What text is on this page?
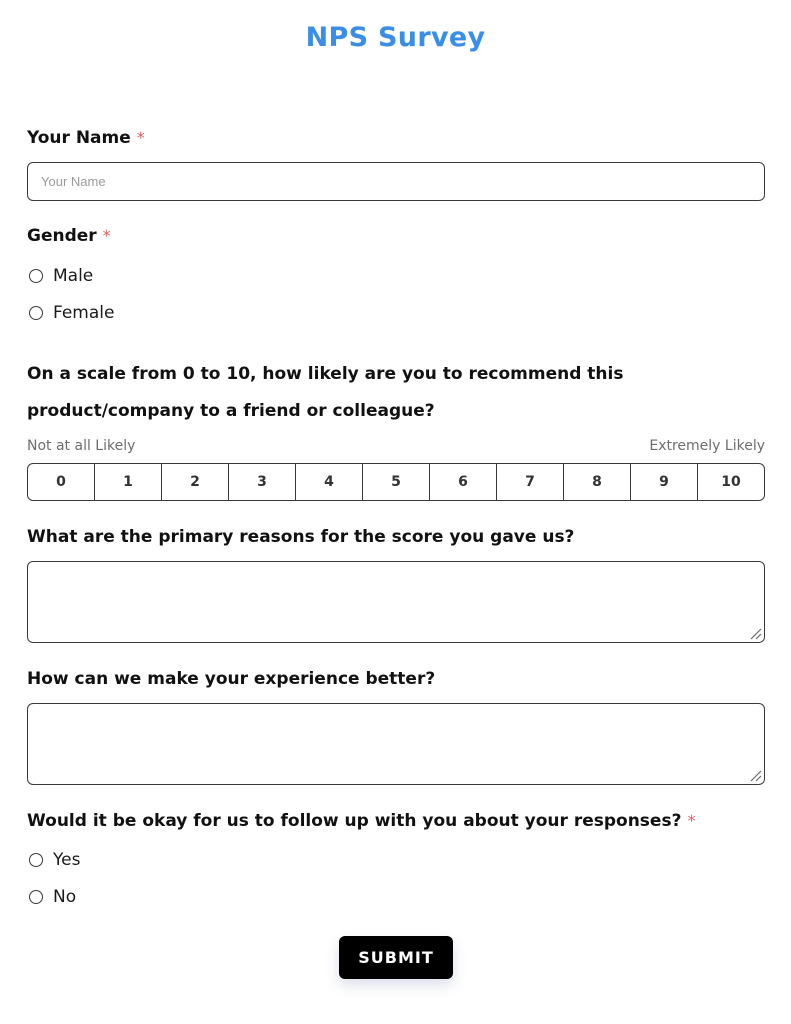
NPS Survey
Your Name *
Your Name
Gender *
Male
Female
On a scale from 0 to 10, how likely are you to recommend this product/company to a friend or colleague?
Not at all Likely	Extremely Likely
0	1	2	3	4	5	6	7	8	9	10
What are the primary reasons for the score you gave us?
How can we make your experience better?
Would it be okay for us to follow up with you about your responses? *
Yes
No
SUBMIT
